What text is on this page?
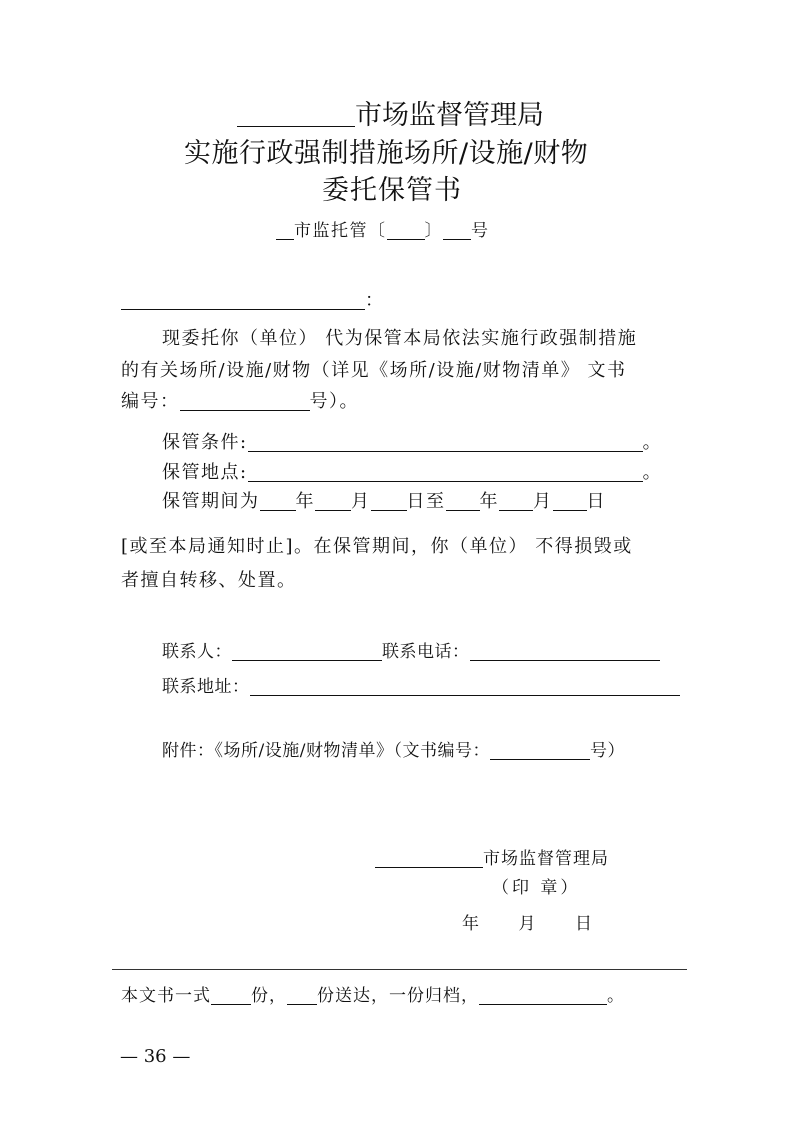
市场监督管理局
实施行政强制措施场所/设施/财物
委托保管书
市监托管〔 〕 号
：
现委托你（单位） 代为保管本局依法实施行政强制措施
的有关场所/设施/财物（详见《场所/设施/财物清单》 文书
编号：	号）。
保管条件:	。
保管地点:	。
保管期间为 年 月 日至 年 月 日
[或至本局通知时止]。在保管期间，你（单位） 不得损毁或
者擅自转移、处置。
联系人：	联系电话：
联系地址：
附件：《场所/设施/财物清单》（文书编号：	号）
市场监督管理局
（印 章）
年 月 日
本文书一式 份， 份送达，一份归档，	。
— 36 —
